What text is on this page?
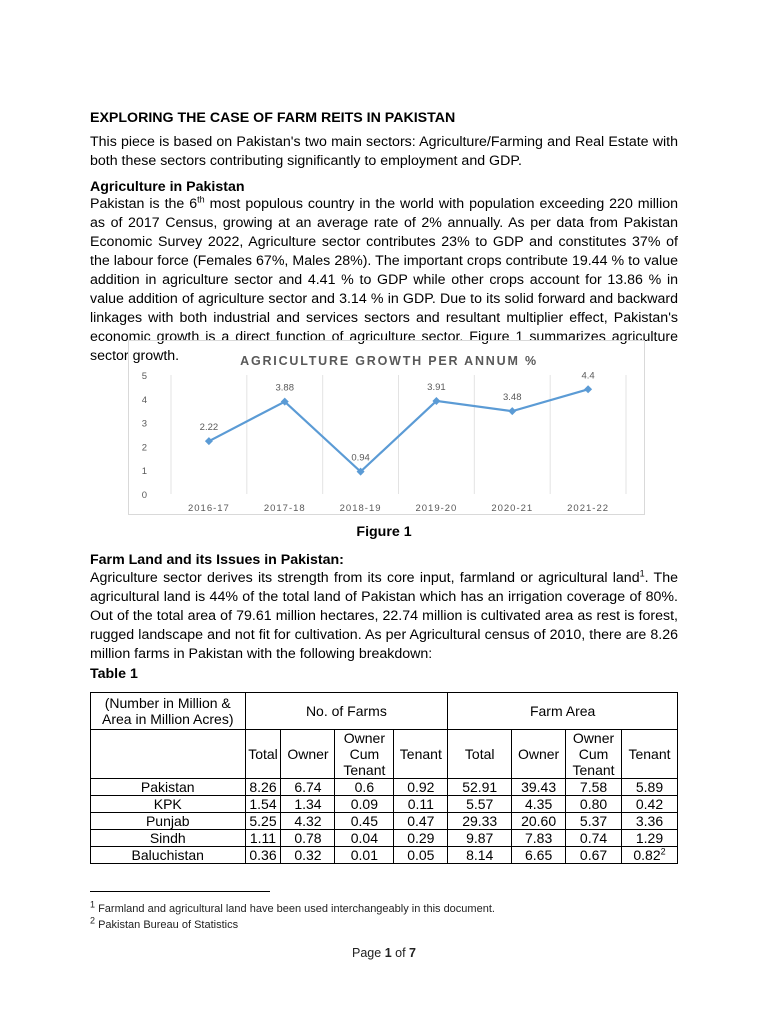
EXPLORING THE CASE OF FARM REITS IN PAKISTAN

This piece is based on Pakistan's two main sectors: Agriculture/Farming and Real Estate with both these sectors contributing significantly to employment and GDP.

Agriculture in Pakistan

Pakistan is the 6th most populous country in the world with population exceeding 220 million as of 2017 Census, growing at an average rate of 2% annually. As per data from Pakistan Economic Survey 2022, Agriculture sector contributes 23% to GDP and constitutes 37% of the labour force (Females 67%, Males 28%). The important crops contribute 19.44 % to value addition in agriculture sector and 4.41 % to GDP while other crops account for 13.86 % in value addition of agriculture sector and 3.14 % in GDP. Due to its solid forward and backward linkages with both industrial and services sectors and resultant multiplier effect, Pakistan's economic growth is a direct function of agriculture sector. Figure 1 summarizes agriculture sector growth.	AGRICULTURE GROWTH PER ANNUM %
0
1
2
3
4
5
2016-17	2017-18	2018-19	2019-20	2020-21	2021-22
2.22
3.88
0.94
3.91
3.48
4.4
Figure 1
Farm Land and its Issues in Pakistan:

Agriculture sector derives its strength from its core input, farmland or agricultural land$^1$. The agricultural land is 44% of the total land of Pakistan which has an irrigation coverage of 80%. Out of the total area of 79.61 million hectares, 22.74 million is cultivated area as rest is forest, rugged landscape and not fit for cultivation. As per Agricultural census of 2010, there are 8.26 million farms in Pakistan with the following breakdown:

Table 1
(Number in Million &
Area in Million Acres)	No. of Farms				Farm Area			
	Total	Owner	Owner
Cum
Tenant	Tenant	Total	Owner	Owner
Cum
Tenant	Tenant
Pakistan	8.26	6.74	0.6	0.92	52.91	39.43	7.58	5.89
KPK	1.54	1.34	0.09	0.11	5.57	4.35	0.80	0.42
Punjab	5.25	4.32	0.45	0.47	29.33	20.60	5.37	3.36
Sindh	1.11	0.78	0.04	0.29	9.87	7.83	0.74	1.29
Baluchistan	0.36	0.32	0.01	0.05	8.14	6.65	0.67	0.82$^2$
$^1$ Farmland and agricultural land have been used interchangeably in this document.
$^2$ Pakistan Bureau of Statistics
Page 1 of 7
